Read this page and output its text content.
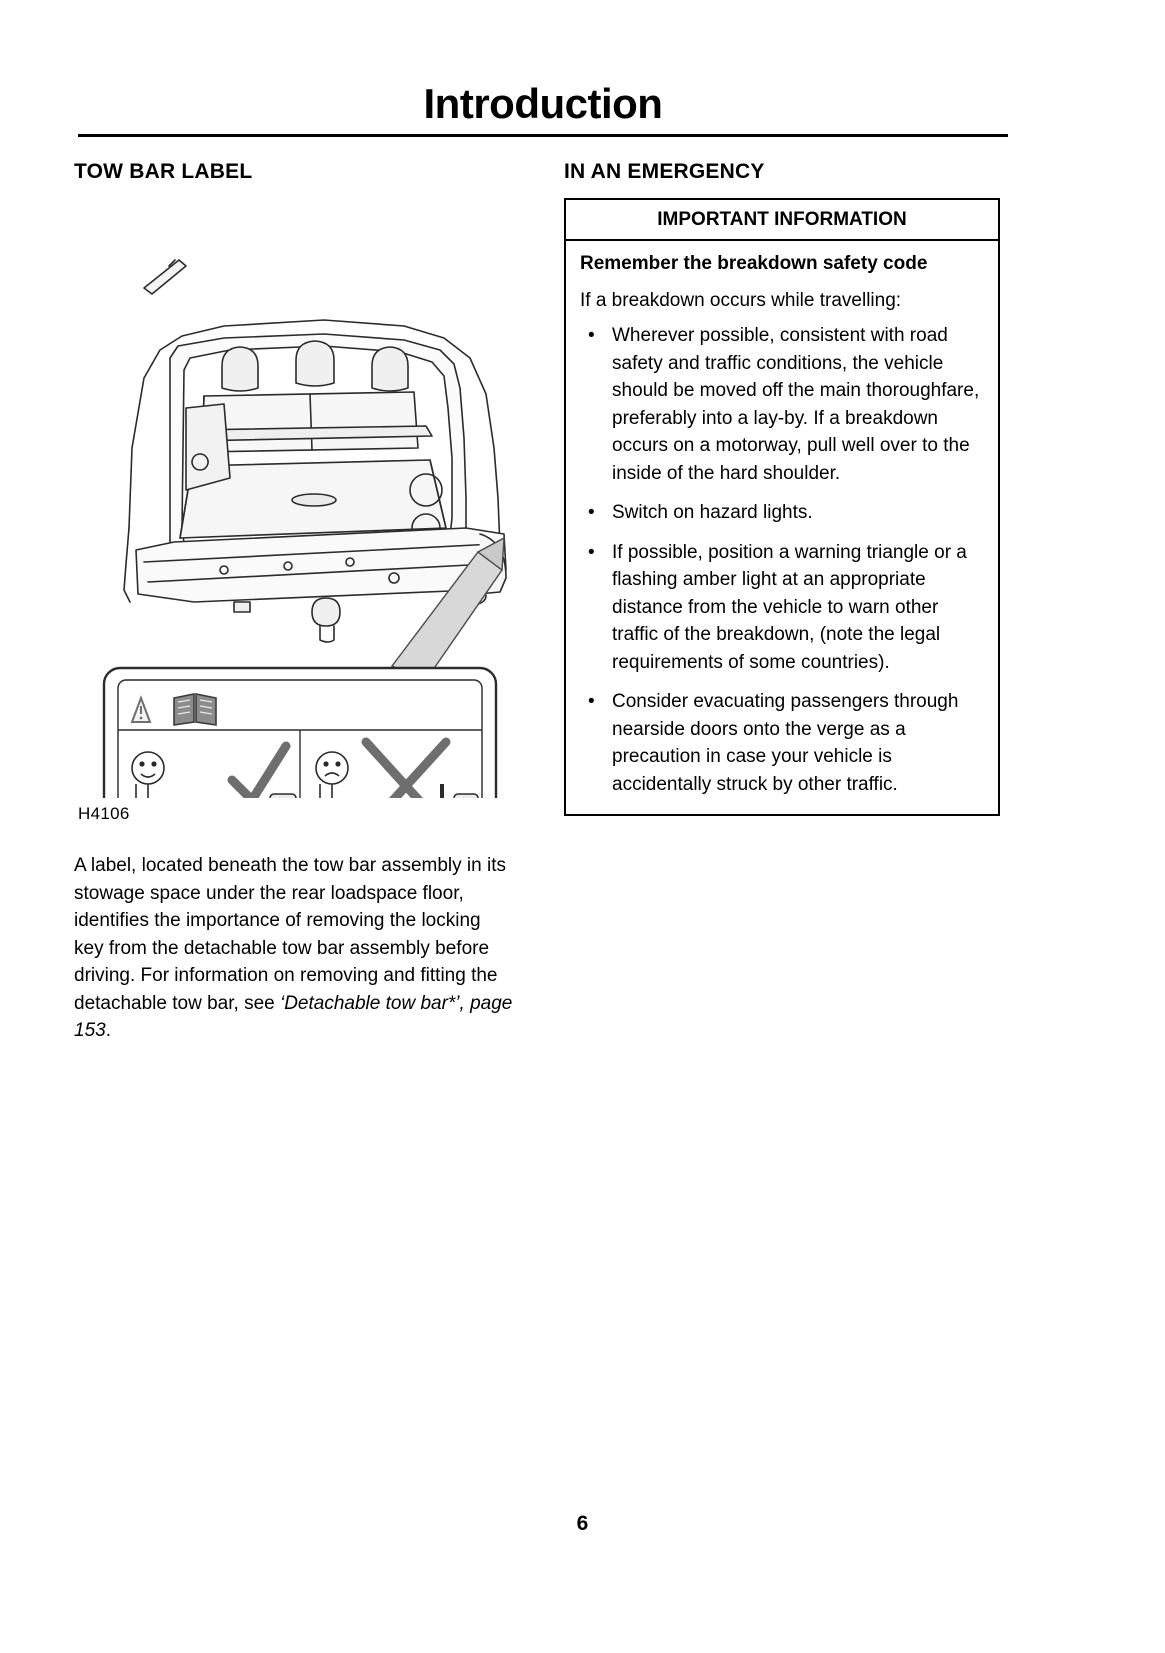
Introduction
TOW BAR LABEL
H4106
A label, located beneath the tow bar assembly in its stowage space under the rear loadspace floor, identifies the importance of removing the locking key from the detachable tow bar assembly before driving. For information on removing and fitting the detachable tow bar, see ‘Detachable tow bar*’, page 153.
IN AN EMERGENCY
IMPORTANT INFORMATION
Remember the breakdown safety code

If a breakdown occurs while travelling:

• Wherever possible, consistent with road safety and traffic conditions, the vehicle should be moved off the main thoroughfare, preferably into a lay-by. If a breakdown occurs on a motorway, pull well over to the inside of the hard shoulder.
• Switch on hazard lights.
• If possible, position a warning triangle or a flashing amber light at an appropriate distance from the vehicle to warn other traffic of the breakdown, (note the legal requirements of some countries).
• Consider evacuating passengers through nearside doors onto the verge as a precaution in case your vehicle is accidentally struck by other traffic.
6
